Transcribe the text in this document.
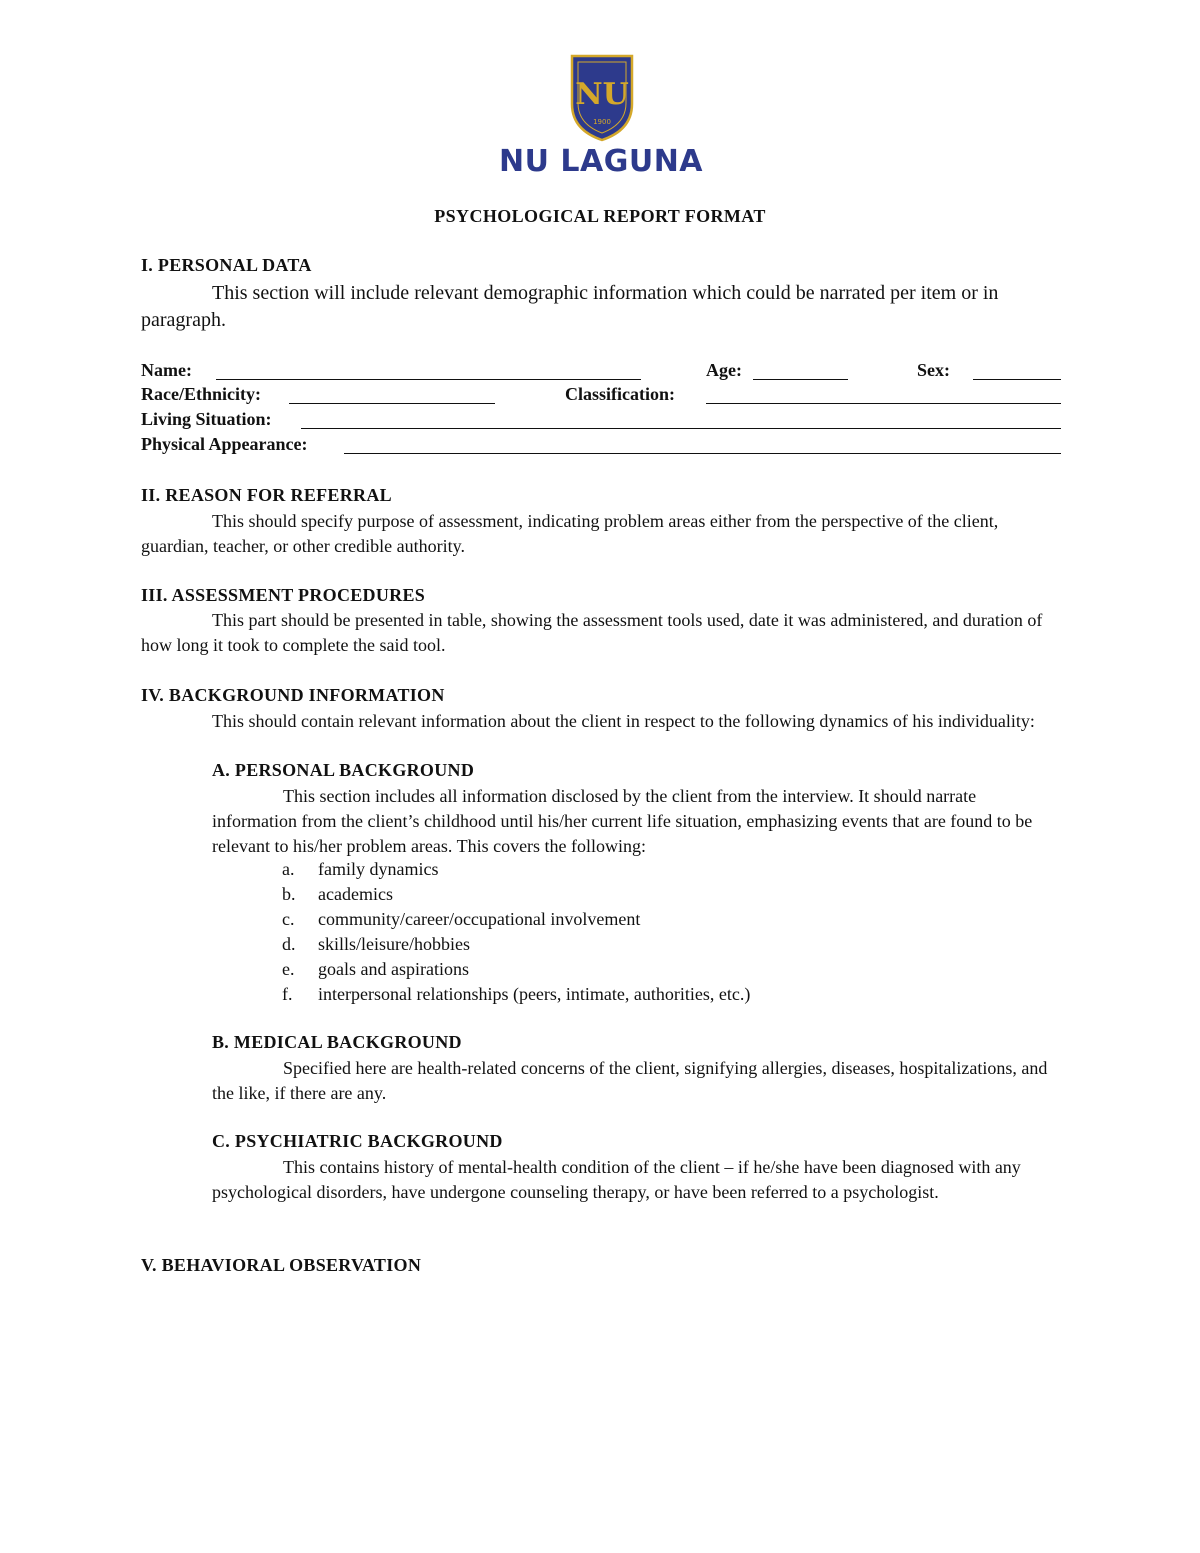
NU
1900
NU LAGUNA
PSYCHOLOGICAL REPORT FORMAT
I. PERSONAL DATA

This section will include relevant demographic information which could be narrated per item or in paragraph.

Name:	Age:	Sex:
Race/Ethnicity:	Classification:
Living Situation:
Physical Appearance:
II. REASON FOR REFERRAL

This should specify purpose of assessment, indicating problem areas either from the perspective of the client, guardian, teacher, or other credible authority.

III. ASSESSMENT PROCEDURES

This part should be presented in table, showing the assessment tools used, date it was administered, and duration of how long it took to complete the said tool.

IV. BACKGROUND INFORMATION

This should contain relevant information about the client in respect to the following dynamics of his individuality:

A. PERSONAL BACKGROUND

This section includes all information disclosed by the client from the interview. It should narrate information from the client’s childhood until his/her current life situation, emphasizing events that are found to be relevant to his/her problem areas. This covers the following:

a. family dynamics
b. academics
c. community/career/occupational involvement
d. skills/leisure/hobbies
e. goals and aspirations
f. interpersonal relationships (peers, intimate, authorities, etc.)
B. MEDICAL BACKGROUND

Specified here are health-related concerns of the client, signifying allergies, diseases, hospitalizations, and the like, if there are any.

C. PSYCHIATRIC BACKGROUND

This contains history of mental-health condition of the client – if he/she have been diagnosed with any psychological disorders, have undergone counseling therapy, or have been referred to a psychologist.

V. BEHAVIORAL OBSERVATION
